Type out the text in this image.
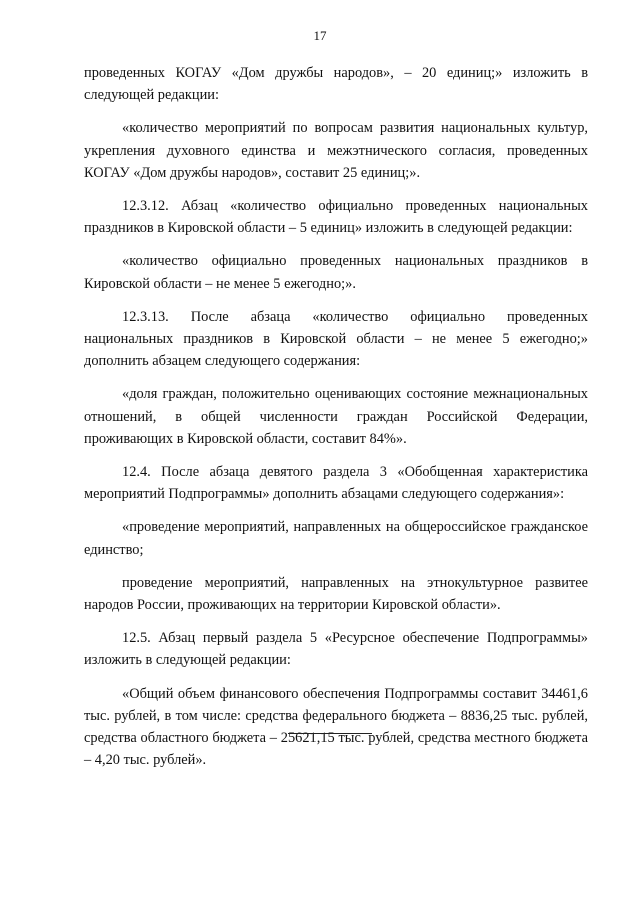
17

проведенных КОГАУ «Дом дружбы народов», – 20 единиц;» изложить в следующей редакции:

«количество мероприятий по вопросам развития национальных культур, укрепления духовного единства и межэтнического согласия, проведенных КОГАУ «Дом дружбы народов», составит 25 единиц;».

12.3.12. Абзац «количество официально проведенных национальных праздников в Кировской области – 5 единиц» изложить в следующей редакции:

«количество официально проведенных национальных праздников в Кировской области – не менее 5 ежегодно;».

12.3.13. После абзаца «количество официально проведенных национальных праздников в Кировской области – не менее 5 ежегодно;» дополнить абзацем следующего содержания:

«доля граждан, положительно оценивающих состояние межнациональных отношений, в общей численности граждан Российской Федерации, проживающих в Кировской области, составит 84%».

12.4. После абзаца девятого раздела 3 «Обобщенная характеристика мероприятий Подпрограммы» дополнить абзацами следующего содержания»:

«проведение мероприятий, направленных на общероссийское гражданское единство;

проведение мероприятий, направленных на этнокультурное развитее народов России, проживающих на территории Кировской области».

12.5. Абзац первый раздела 5 «Ресурсное обеспечение Подпрограммы» изложить в следующей редакции:

«Общий объем финансового обеспечения Подпрограммы составит 34461,6 тыс. рублей, в том числе: средства федерального бюджета – 8836,25 тыс. рублей, средства областного бюджета – 25621,15 тыс. рублей, средства местного бюджета – 4,20 тыс. рублей».
